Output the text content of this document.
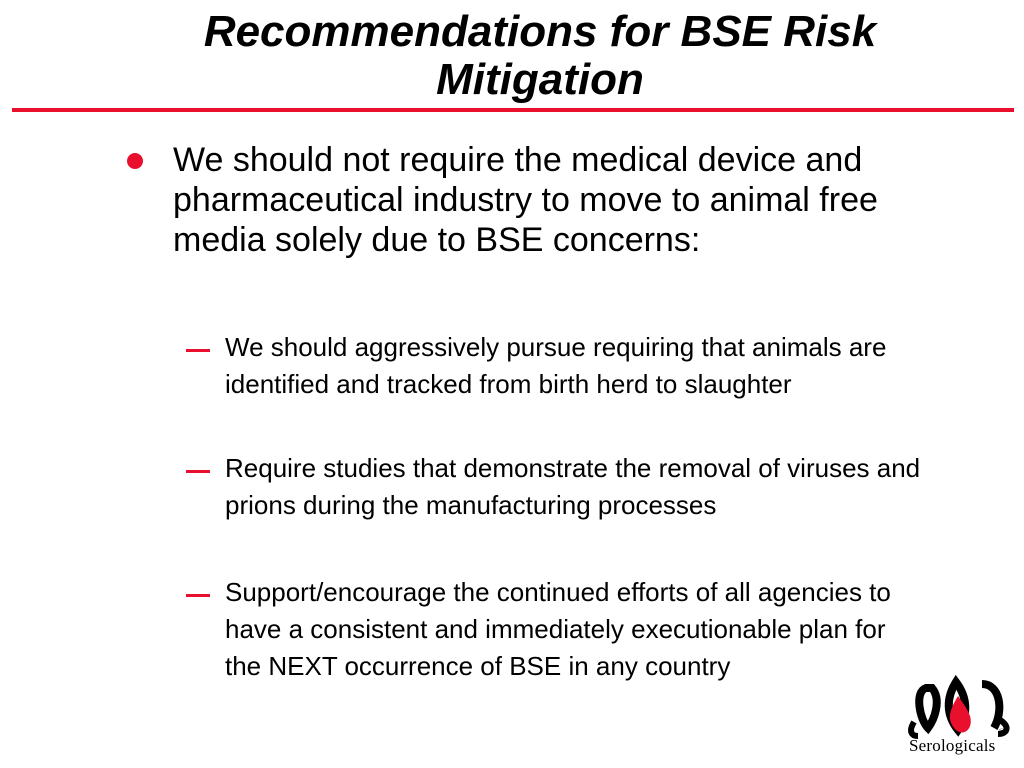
Recommendations for BSE Risk
Mitigation
We should not require the medical device and pharmaceutical industry to move to animal free media solely due to BSE concerns:
We should aggressively pursue requiring that animals are identified and tracked from birth herd to slaughter
Require studies that demonstrate the removal of viruses and prions during the manufacturing processes
Support/encourage the continued efforts of all agencies to have a consistent and immediately executionable plan for the NEXT occurrence of BSE in any country
®
Serologicals
